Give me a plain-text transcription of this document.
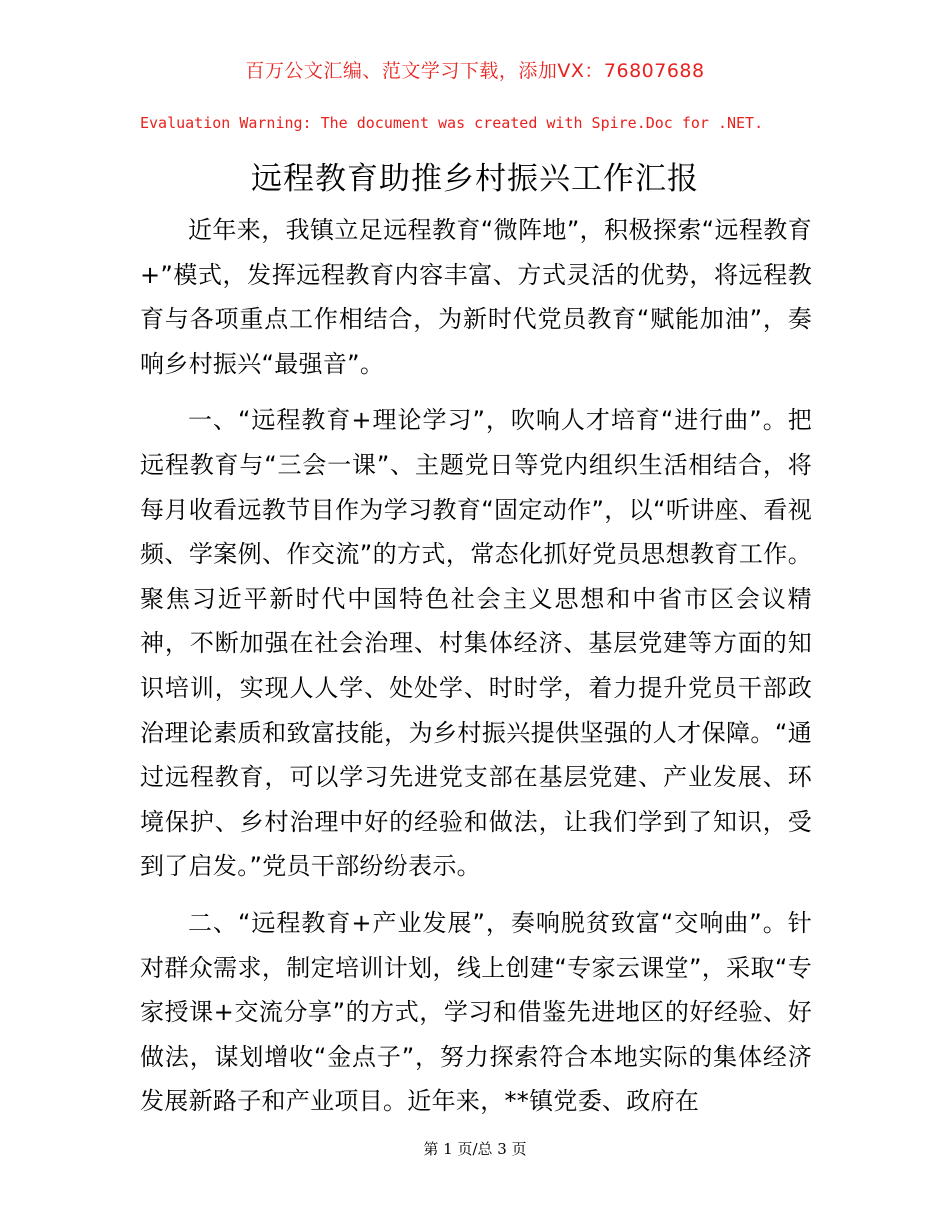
百万公文汇编、范文学习下载，添加VX：76807688
Evaluation Warning: The document was created with Spire.Doc for .NET.
远程教育助推乡村振兴工作汇报

近年来，我镇立足远程教育“微阵地”，积极探索“远程教育+”模式，发挥远程教育内容丰富、方式灵活的优势，将远程教育与各项重点工作相结合，为新时代党员教育“赋能加油”，奏响乡村振兴“最强音”。

一、“远程教育+理论学习”，吹响人才培育“进行曲”。把远程教育与“三会一课”、主题党日等党内组织生活相结合，将每月收看远教节目作为学习教育“固定动作”，以“听讲座、看视频、学案例、作交流”的方式，常态化抓好党员思想教育工作。聚焦习近平新时代中国特色社会主义思想和中省市区会议精神，不断加强在社会治理、村集体经济、基层党建等方面的知识培训，实现人人学、处处学、时时学，着力提升党员干部政治理论素质和致富技能，为乡村振兴提供坚强的人才保障。“通过远程教育，可以学习先进党支部在基层党建、产业发展、环境保护、乡村治理中好的经验和做法，让我们学到了知识，受到了启发。”党员干部纷纷表示。

二、“远程教育+产业发展”，奏响脱贫致富“交响曲”。针对群众需求，制定培训计划，线上创建“专家云课堂”，采取“专家授课+交流分享”的方式，学习和借鉴先进地区的好经验、好做法，谋划增收“金点子”，努力探索符合本地实际的集体经济发展新路子和产业项目。近年来，**镇党委、政府在

第 1 页/总 3 页
